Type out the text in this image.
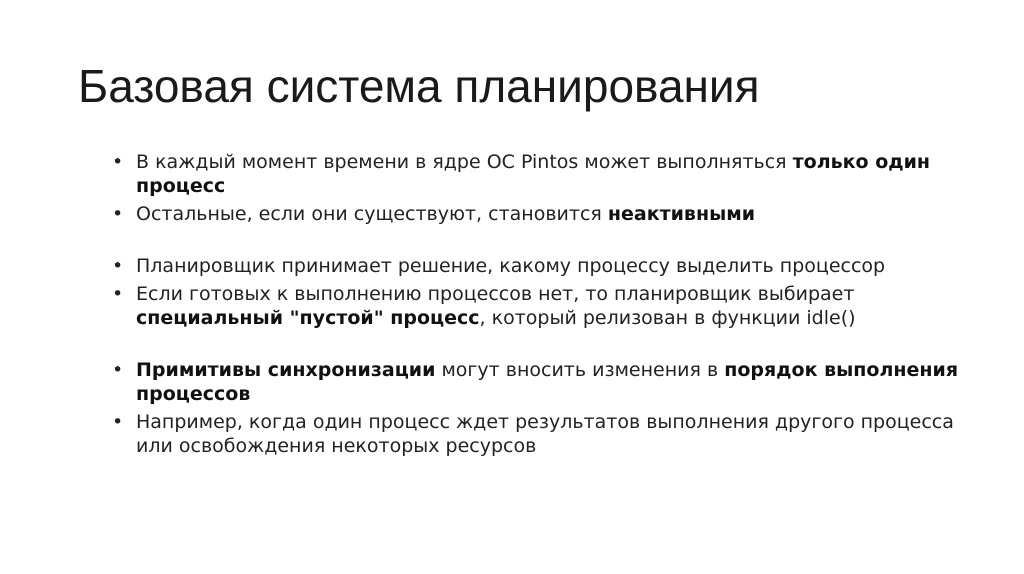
Базовая система планирования
• В каждый момент времени в ядре ОС Pintos может выполняться только один процесс
• Остальные, если они существуют, становится неактивными
• Планировщик принимает решение, какому процессу выделить процессор
• Если готовых к выполнению процессов нет, то планировщик выбирает специальный "пустой" процесс, который релизован в функции idle()
• Примитивы синхронизации могут вносить изменения в порядок выполнения процессов
• Например, когда один процесс ждет результатов выполнения другого процесса или освобождения некоторых ресурсов
